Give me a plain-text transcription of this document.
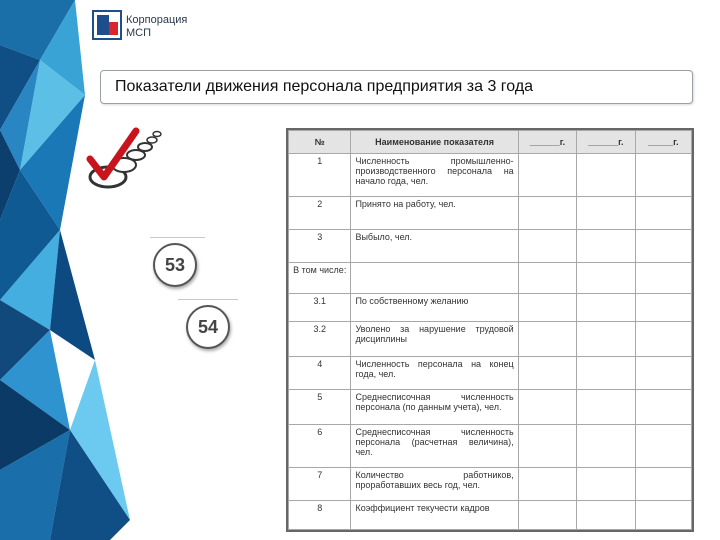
Корпорация
МСП
Показатели движения персонала предприятия за 3 года
53
54
№	Наименование показателя	______г.	______г.	_____г.
1	Численность промышленно-производственного персонала на начало года, чел.			
2	Принято на работу, чел.			
3	Выбыло, чел.			
В том числе:				
3.1	По собственному желанию			
3.2	Уволено за нарушение трудовой дисциплины			
4	Численность персонала на конец года, чел.			
5	Среднесписочная численность персонала (по данным учета), чел.			
6	Среднесписочная численность персонала (расчетная величина), чел.			
7	Количество работников, проработавших весь год, чел.			
8	Коэффициент текучести кадров			
